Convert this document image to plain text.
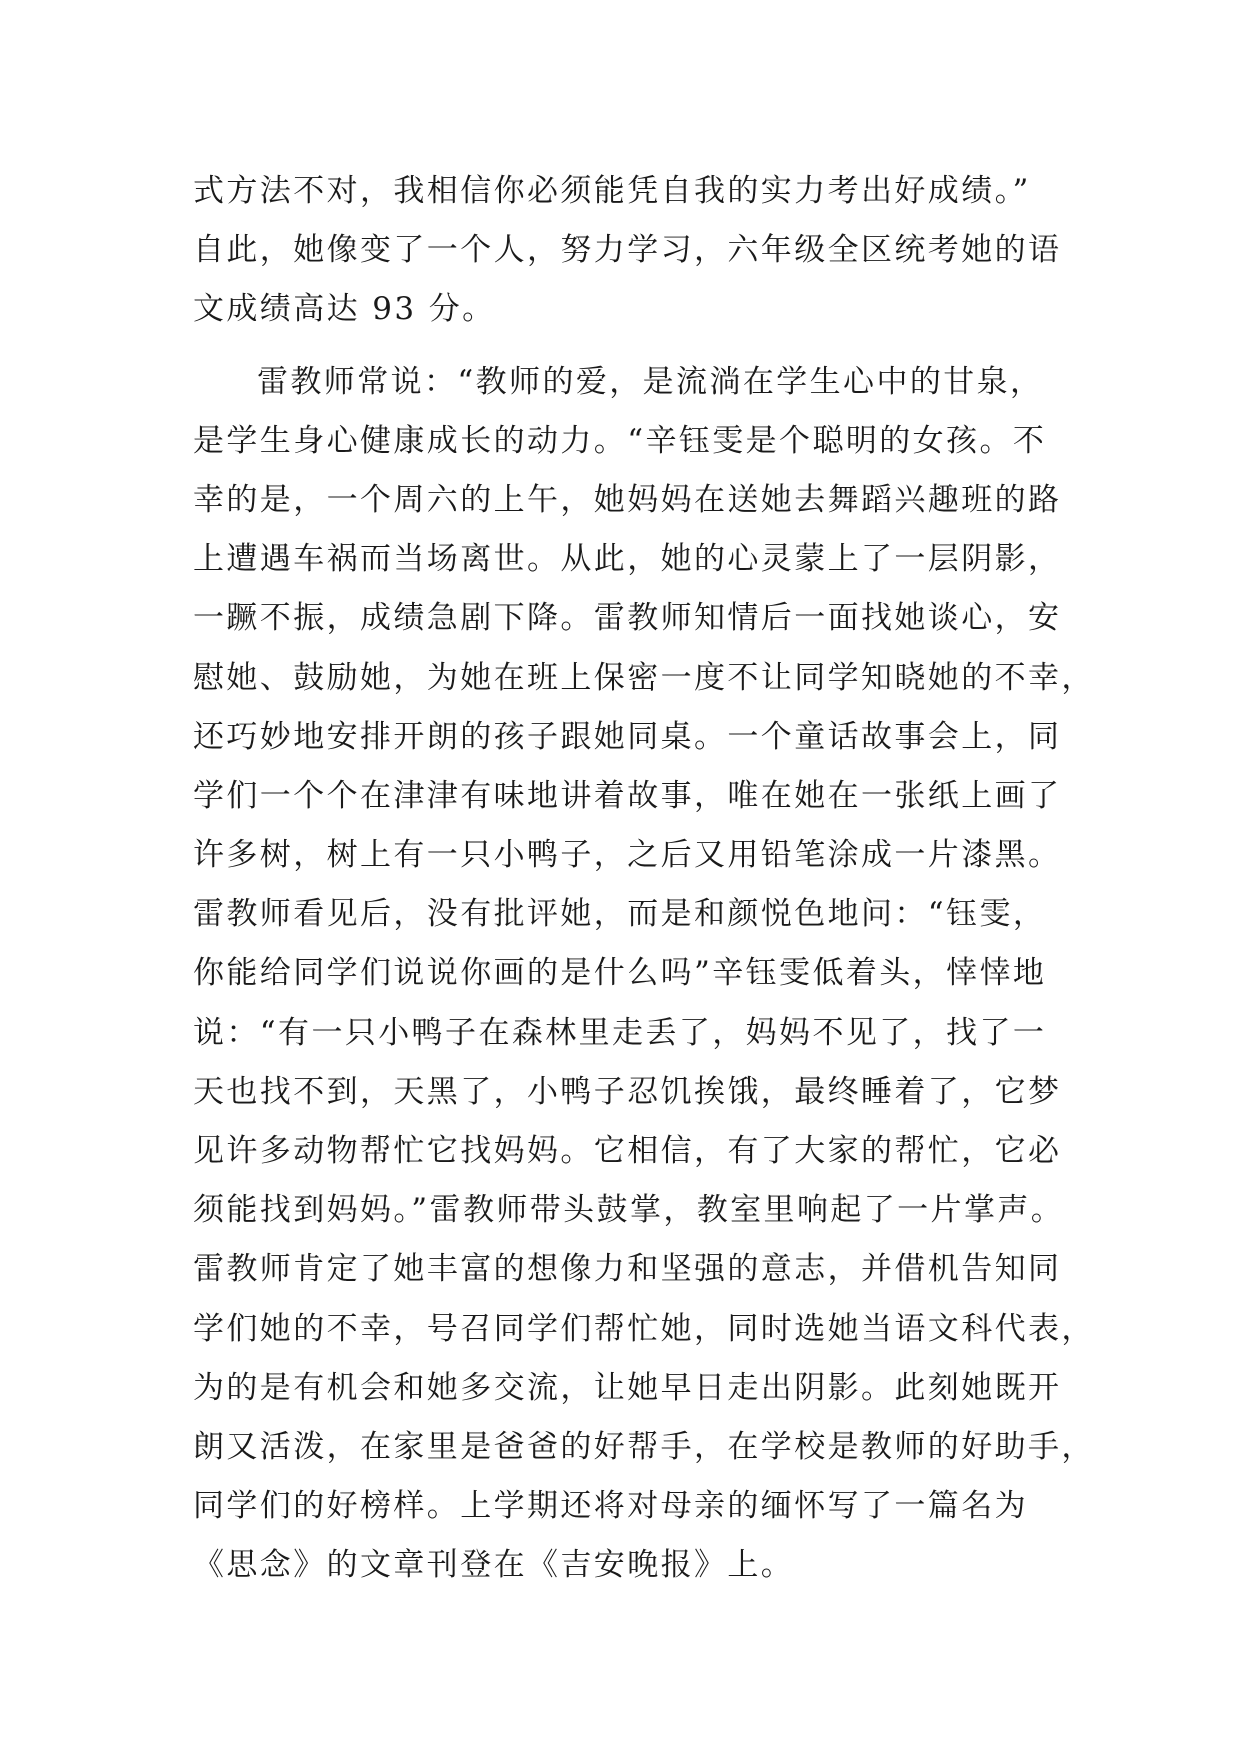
式方法不对，我相信你必须能凭自我的实力考出好成绩。”
自此，她像变了一个人，努力学习，六年级全区统考她的语
文成绩高达 93 分。
雷教师常说：“教师的爱，是流淌在学生心中的甘泉，
是学生身心健康成长的动力。“辛钰雯是个聪明的女孩。不
幸的是，一个周六的上午，她妈妈在送她去舞蹈兴趣班的路
上遭遇车祸而当场离世。从此，她的心灵蒙上了一层阴影，
一蹶不振，成绩急剧下降。雷教师知情后一面找她谈心，安
慰她、鼓励她，为她在班上保密一度不让同学知晓她的不幸，
还巧妙地安排开朗的孩子跟她同桌。一个童话故事会上，同
学们一个个在津津有味地讲着故事，唯在她在一张纸上画了
许多树，树上有一只小鸭子，之后又用铅笔涂成一片漆黑。
雷教师看见后，没有批评她，而是和颜悦色地问：“钰雯，
你能给同学们说说你画的是什么吗”辛钰雯低着头，悻悻地
说：“有一只小鸭子在森林里走丢了，妈妈不见了，找了一
天也找不到，天黑了，小鸭子忍饥挨饿，最终睡着了，它梦
见许多动物帮忙它找妈妈。它相信，有了大家的帮忙，它必
须能找到妈妈。”雷教师带头鼓掌，教室里响起了一片掌声。
雷教师肯定了她丰富的想像力和坚强的意志，并借机告知同
学们她的不幸，号召同学们帮忙她，同时选她当语文科代表，
为的是有机会和她多交流，让她早日走出阴影。此刻她既开
朗又活泼，在家里是爸爸的好帮手，在学校是教师的好助手，
同学们的好榜样。上学期还将对母亲的缅怀写了一篇名为
《思念》的文章刊登在《吉安晚报》上。
